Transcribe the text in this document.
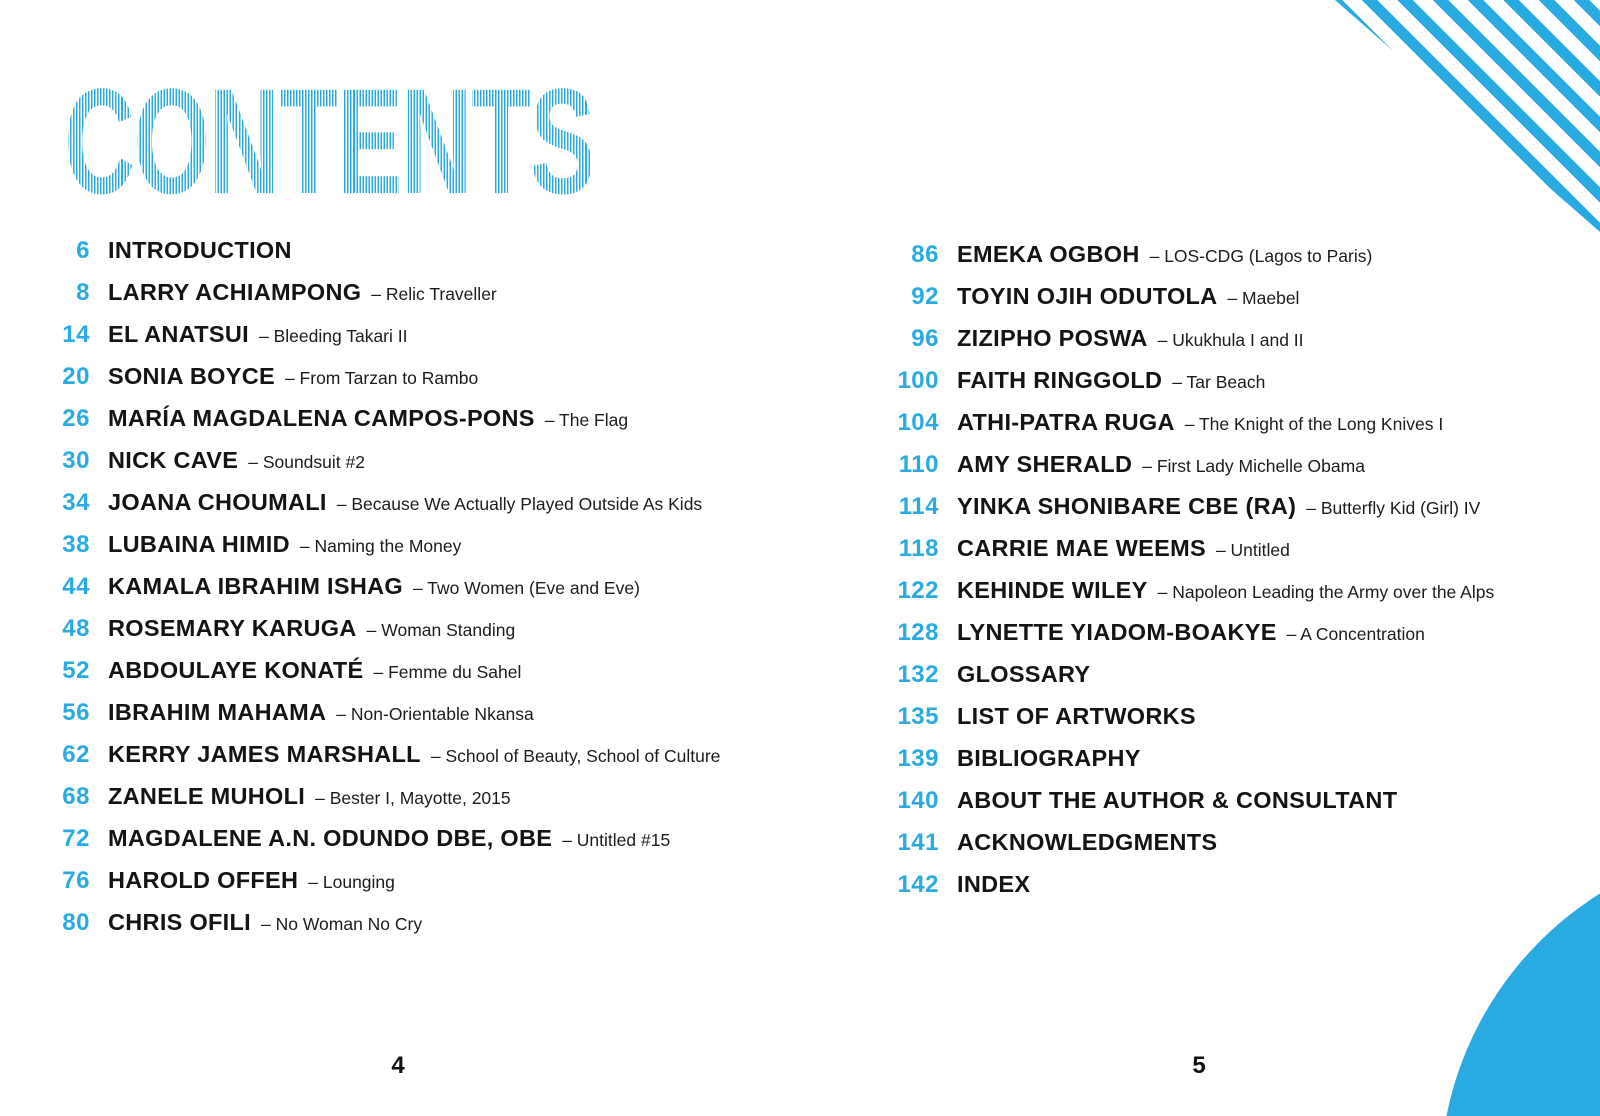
CONTENTS
6 INTRODUCTION
8 LARRY ACHIAMPONG – Relic Traveller
14 EL ANATSUI – Bleeding Takari II
20 SONIA BOYCE – From Tarzan to Rambo
26 MARÍA MAGDALENA CAMPOS-PONS – The Flag
30 NICK CAVE – Soundsuit #2
34 JOANA CHOUMALI – Because We Actually Played Outside As Kids
38 LUBAINA HIMID – Naming the Money
44 KAMALA IBRAHIM ISHAG – Two Women (Eve and Eve)
48 ROSEMARY KARUGA – Woman Standing
52 ABDOULAYE KONATÉ – Femme du Sahel
56 IBRAHIM MAHAMA – Non-Orientable Nkansa
62 KERRY JAMES MARSHALL – School of Beauty, School of Culture
68 ZANELE MUHOLI – Bester I, Mayotte, 2015
72 MAGDALENE A.N. ODUNDO DBE, OBE – Untitled #15
76 HAROLD OFFEH – Lounging
80 CHRIS OFILI – No Woman No Cry
86 EMEKA OGBOH – LOS-CDG (Lagos to Paris)
92 TOYIN OJIH ODUTOLA – Maebel
96 ZIZIPHO POSWA – Ukukhula I and II
100 FAITH RINGGOLD – Tar Beach
104 ATHI-PATRA RUGA – The Knight of the Long Knives I
110 AMY SHERALD – First Lady Michelle Obama
114 YINKA SHONIBARE CBE (RA) – Butterfly Kid (Girl) IV
118 CARRIE MAE WEEMS – Untitled
122 KEHINDE WILEY – Napoleon Leading the Army over the Alps
128 LYNETTE YIADOM-BOAKYE – A Concentration
132 GLOSSARY
135 LIST OF ARTWORKS
139 BIBLIOGRAPHY
140 ABOUT THE AUTHOR & CONSULTANT
141 ACKNOWLEDGMENTS
142 INDEX
4	5
